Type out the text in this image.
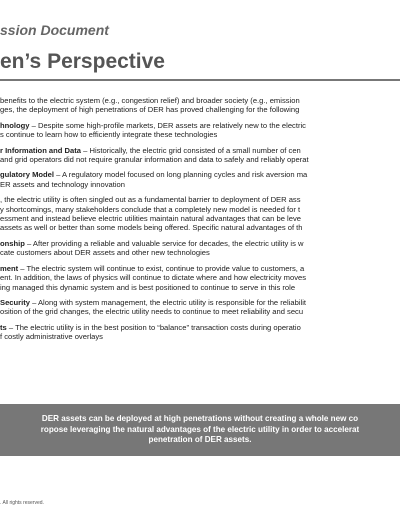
ssion Document
en’s Perspective
benefits to the electric system (e.g., congestion relief) and broader society (e.g., emission
ges, the deployment of high penetrations of DER has proved challenging for the following
hnology – Despite some high-profile markets, DER assets are relatively new to the electric
s continue to learn how to efficiently integrate these technologies
r Information and Data – Historically, the electric grid consisted of a small number of cen
and grid operators did not require granular information and data to safely and reliably operat
gulatory Model – A regulatory model focused on long planning cycles and risk aversion ma
ER assets and technology innovation
, the electric utility is often singled out as a fundamental barrier to deployment of DER ass
y shortcomings, many stakeholders conclude that a completely new model is needed for t
essment and instead believe electric utilities maintain natural advantages that can be leve
assets as well or better than some models being offered. Specific natural advantages of th
onship – After providing a reliable and valuable service for decades, the electric utility is w
cate customers about DER assets and other new technologies
ment – The electric system will continue to exist, continue to provide value to customers, a
ent. In addition, the laws of physics will continue to dictate where and how electricity moves
ing managed this dynamic system and is best positioned to continue to serve in this role
Security – Along with system management, the electric utility is responsible for the reliabilit
osition of the grid changes, the electric utility needs to continue to meet reliability and secu
ts – The electric utility is in the best position to “balance” transaction costs during operatio
f costly administrative overlays
DER assets can be deployed at high penetrations without creating a whole new co
ropose leveraging the natural advantages of the electric utility in order to accelerat
penetration of DER assets.
. All rights reserved.
